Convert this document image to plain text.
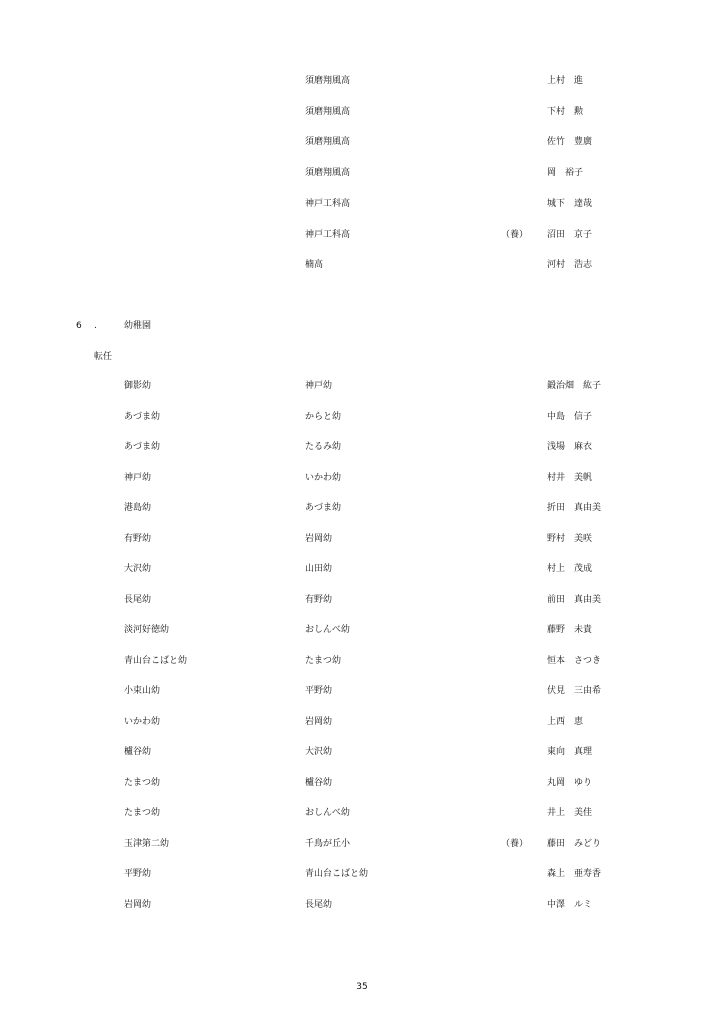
須磨翔風高	上村　進
須磨翔風高	下村　勲
須磨翔風高	佐竹　豊廣
須磨翔風高	岡　裕子
神戸工科高	城下　達哉
神戸工科高	（養） 沼田　京子
楠高	河村　浩志
6 .	幼稚園
転任
御影幼	神戸幼	鍛治畑　紘子
あづま幼	からと幼	中島　信子
あづま幼	たるみ幼	浅場　麻衣
神戸幼	いかわ幼	村井　美帆
港島幼	あづま幼	折田　真由美
有野幼	岩岡幼	野村　美咲
大沢幼	山田幼	村上　茂成
長尾幼	有野幼	前田　真由美
淡河好徳幼	おしんべ幼	藤野　未貴
青山台こばと幼	たまつ幼	恒本　さつき
小束山幼	平野幼	伏見　三由希
いかわ幼	岩岡幼	上西　恵
櫨谷幼	大沢幼	東向　真理
たまつ幼	櫨谷幼	丸岡　ゆり
たまつ幼	おしんべ幼	井上　美佳
玉津第二幼	千鳥が丘小	（養） 藤田　みどり
平野幼	青山台こばと幼	森上　亜寿香
岩岡幼	長尾幼	中澤　ルミ
35
